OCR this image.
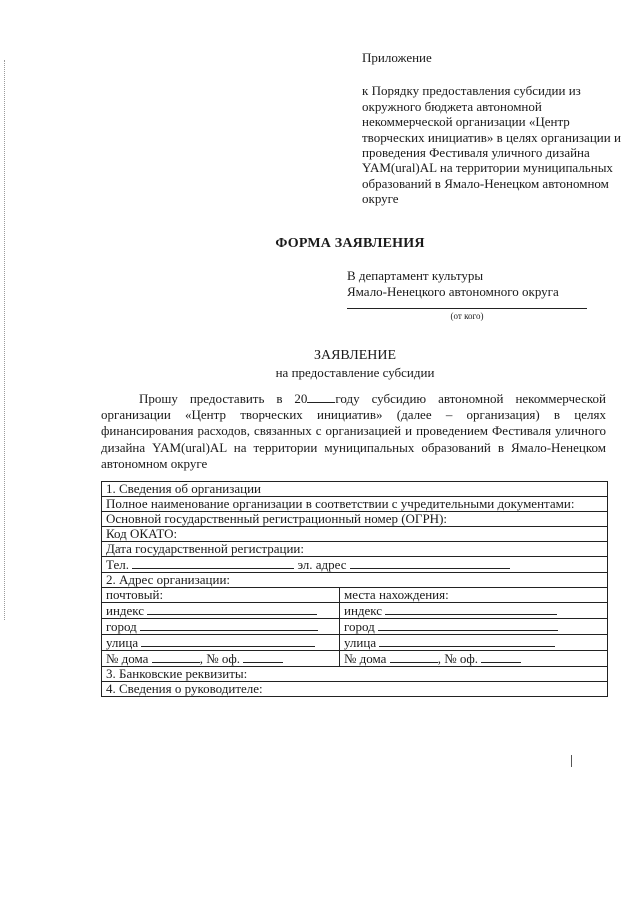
Приложение

к Порядку предоставления субсидии из окружного бюджета автономной некоммерческой организации «Центр творческих инициатив» в целях организации и проведения Фестиваля уличного дизайна YAM(ural)AL на территории муниципальных образований в Ямало-Ненецком автономном округе

ФОРМА ЗАЯВЛЕНИЯ
В департамент культуры
Ямало-Ненецкого автономного округа
(от кого)
ЗАЯВЛЕНИЕ
на предоставление субсидии

Прошу предоставить в 20 году субсидию автономной некоммерческой организации «Центр творческих инициатив» (далее – организация) в целях финансирования расходов, связанных с организацией и проведением Фестиваля уличного дизайна YAM(ural)AL на территории муниципальных образований в Ямало-Ненецком автономном округе

1. Сведения об организации	
Полное наименование организации в соответствии с учредительными документами:	
Основной государственный регистрационный номер (ОГРН):	
Код ОКАТО:	
Дата государственной регистрации:	
Тел. эл. адрес	
2. Адрес организации:	
почтовый:	места нахождения:
индекс	индекс
город	город
улица	улица
№ дома , № оф.	№ дома , № оф.
3. Банковские реквизиты:	
4. Сведения о руководителе:	
